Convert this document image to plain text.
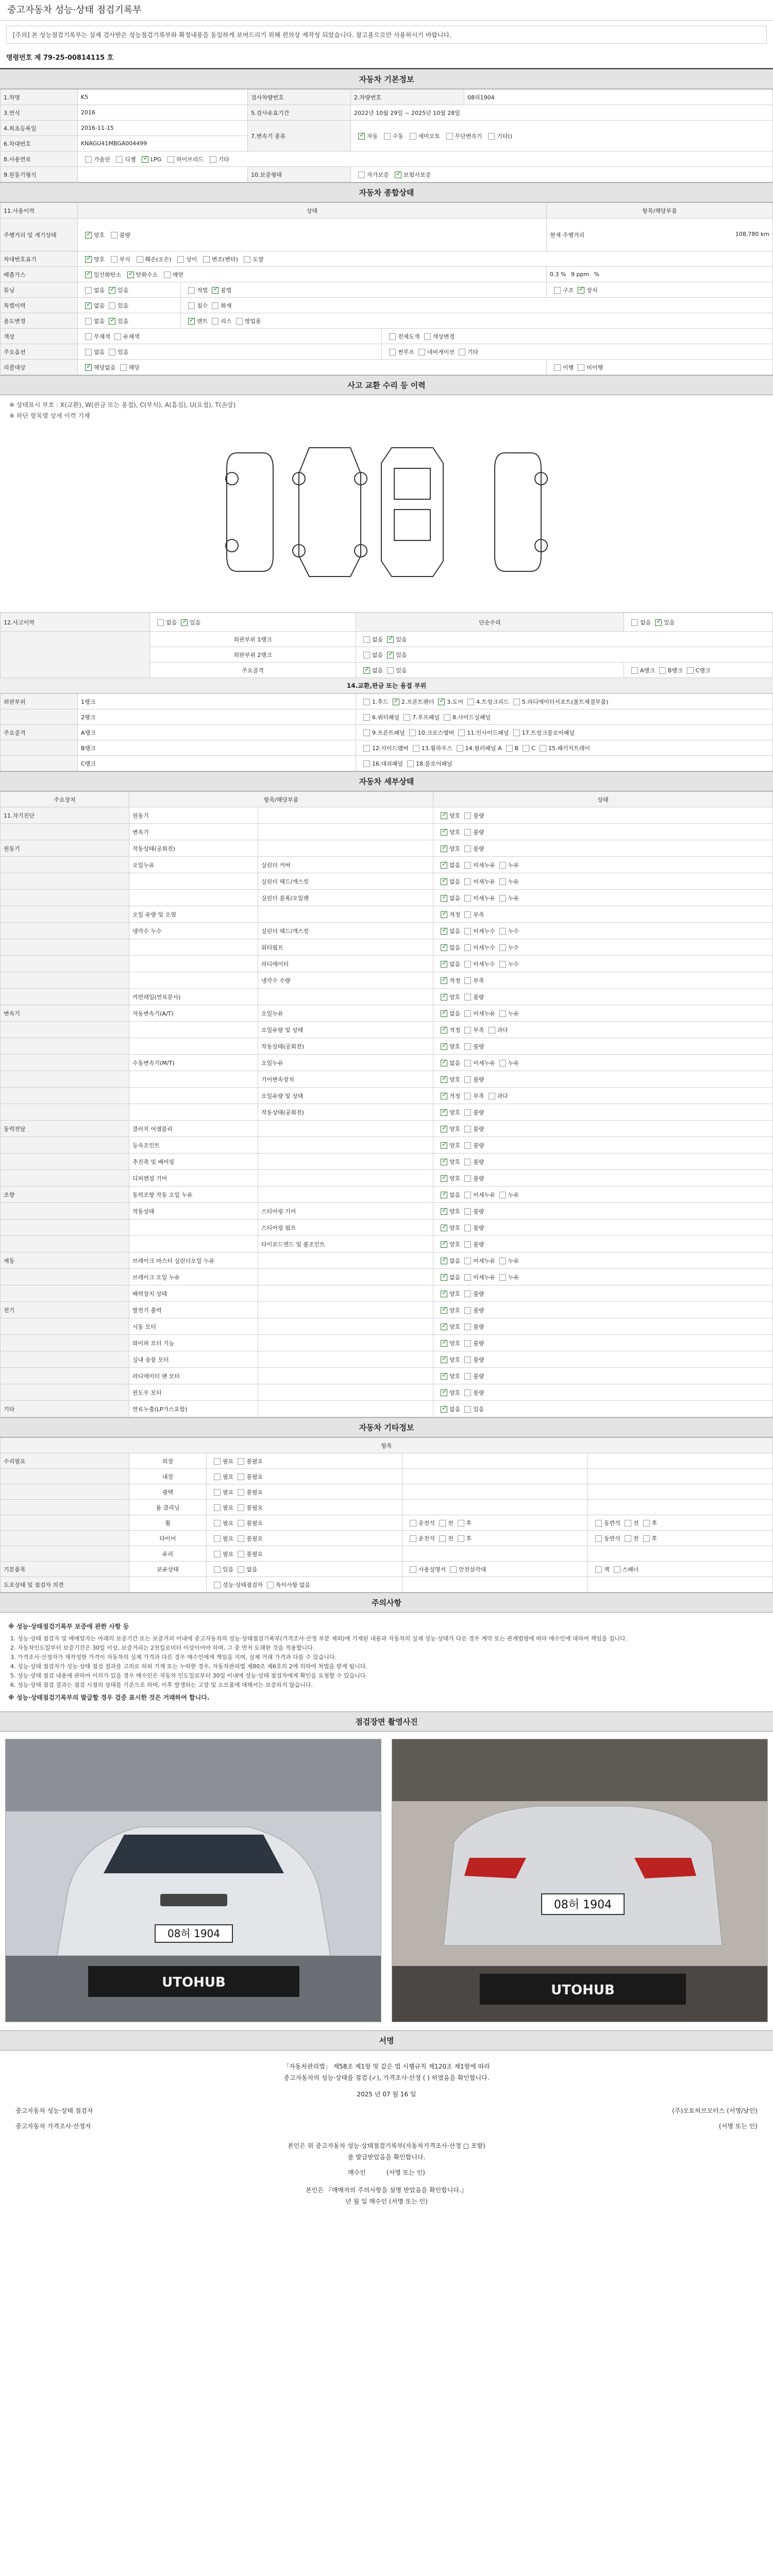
중고자동차 성능·상태 점검기록부
[주의] 본 성능점검기록부는 실제 검사받은 성능점검기록부와 확정내용을 동일하게 보여드리기 위해 편의상 재작성 되었습니다. 참고용으로만 사용하시기 바랍니다.
명령번호 제 79-25-00814115 호
자동차 기본정보
1.차명	K5	검사차량번호	2.차량번호	08허1904
3.연식	2016	5.검사유효기간	2022년 10월 29일 ~ 2025년 10월 28일	
4.최초등록일	2016-11-15	7.변속기 종류	✓자동 수동 세미오토 무단변속기 기타()
6.차대번호	KNAGU41MBGA004499			
8.사용연료	가솔린 디젤 ✓ LPG 하이브리드 기타
9.원동기형식		10.보증형태	자가보증 ✓ 보험사보증
자동차 종합상태
11.사용이력	상태			항목/해당부품
주행거리 및 계기상태	✓양호 불량			현재 주행거리 108,780 km

차대번호표기	✓양호 부식 훼손(오손) 상이 변조(변타) 도말
배출가스	✓일산화탄소 ✓ 탄화수소 매연			0.3 % 9 ppm %
튜닝	없음 ✓ 있음	적법 ✓ 불법		구조 ✓ 장치
특별이력	✓없음 있음	침수 화재		
용도변경	없음 ✓ 있음	✓렌트 리스 영업용
색상	무채색 유채색		전체도색 색상변경	
주요옵션	없음 있음		썬루프 네비게이션 기타	
리콜대상	✓해당없음 해당			이행 미이행
사고 교환 수리 등 이력
※ 상태표시 부호 : X(교환), W(판금 또는 용접), C(부식), A(흠집), U(요철), T(손상)
※ 하단 항목별 상세 이력 기재
12.사고이력	없음 ✓ 있음	단순수리	없음 ✓ 있음
	외판부위 1랭크	없음 ✓ 있음
	외판부위 2랭크	없음 ✓ 있음
	주요골격	✓없음 있음	A랭크 B랭크 C랭크
14.교환,판금 또는 용접 부위
외판부위	1랭크	1.후드 ✓ 2.프론트펜더 ✓ 3.도어 4.트렁크리드 5.라디에이터서포트(볼트체결부품)
	2랭크	6.쿼터패널 7.루프패널 8.사이드실패널
주요골격	A랭크	9.프론트패널 10.크로스멤버 11.인사이드패널 17.트렁크플로어패널
	B랭크	12.사이드멤버 13.휠하우스 14.필러패널 A B C 15.패키지트레이
	C랭크	16.대쉬패널 18.플로어패널
자동차 세부상태
주요장치	항목/해당부품		상태
11.자기진단	원동기		✓양호 불량
	변속기		✓양호 불량
원동기	작동상태(공회전)		✓양호 불량
	오일누유	실린더 커버	✓없음 미세누유 누유
		실린더 헤드/개스킷	✓없음 미세누유 누유
		실린더 블록/오일팬	✓없음 미세누유 누유
	오일 유량 및 오염		✓적정 부족
	냉각수 누수	실린더 헤드/개스킷	✓없음 미세누수 누수
		워터펌프	✓없음 미세누수 누수
		라디에이터	✓없음 미세누수 누수
		냉각수 수량	✓적정 부족
	커먼레일(연료분사)		✓양호 불량
변속기	자동변속기(A/T)	오일누유	✓없음 미세누유 누유
		오일유량 및 상태	✓적정 부족 과다
		작동상태(공회전)	✓양호 불량
	수동변속기(M/T)	오일누유	✓없음 미세누유 누유
		기어변속장치	✓양호 불량
		오일유량 및 상태	✓적정 부족 과다
		작동상태(공회전)	✓양호 불량
동력전달	클러치 어셈블리		✓양호 불량
	등속조인트		✓양호 불량
	추진축 및 베어링		✓양호 불량
	디퍼렌셜 기어		✓양호 불량
조향	동력조향 작동 오일 누유		✓없음 미세누유 누유
	작동상태	스티어링 기어	✓양호 불량
		스티어링 펌프	✓양호 불량
		타이로드엔드 및 볼조인트	✓양호 불량
제동	브레이크 마스터 실린더오일 누유		✓없음 미세누유 누유
	브레이크 오일 누유		✓없음 미세누유 누유
	배력장치 상태		✓양호 불량
전기	발전기 출력		✓양호 불량
	시동 모터		✓양호 불량
	와이퍼 모터 기능		✓양호 불량
	실내 송풍 모터		✓양호 불량
	라디에이터 팬 모터		✓양호 불량
	윈도우 모터		✓양호 불량
기타	연료누출(LP가스포함)		✓없음 있음
자동차 기타정보
항목				
수리필요	외장	필요 불필요		
	내장	필요 불필요		
	광택	필요 불필요		
	룸 클리닝	필요 불필요		
	휠	필요 불필요	운전석 전 후	동반석 전 후
	타이어	필요 불필요	운전석 전 후	동반석 전 후
	유리	필요 불필요		
기본품목	보유상태	있음 없음	사용설명서 안전삼각대	잭 스패너
도포상태 및 점검자 의견		성능·상태점검자 특이사항 없음		
주의사항
※ 성능·상태점검기록부 보증에 관한 사항 등
1. 성능·상태 점검자 및 매매업자는 아래의 보증기간 또는 보증거리 이내에 중고자동차의 성능·상태점검기록부(가격조사·산정 부분 제외)에 기재된 내용과 자동차의 실제 성능·상태가 다른 경우 계약 또는 관계법령에 따라 매수인에 대하여 책임을 집니다.
2. 자동차인도일부터 보증기간은 30일 이상, 보증거리는 2천킬로미터 이상이어야 하며, 그 중 먼저 도래한 것을 적용합니다.
3. 가격조사·산정자가 재작성한 가격이 자동차의 실제 가격과 다른 경우 매수인에게 책임을 지며, 실제 거래 가격과 다를 수 있습니다.
4. 성능·상태 점검자가 성능·상태 점검 결과를 고의로 허위 기재 또는 누락한 경우, 자동차관리법 제80조 제6호의 2에 의하여 처벌을 받게 됩니다.
5. 성능·상태 점검 내용에 관하여 이의가 있을 경우 매수인은 자동차 인도일로부터 30일 이내에 성능·상태 점검자에게 확인을 요청할 수 있습니다.
6. 성능·상태 점검 결과는 점검 시점의 상태를 기준으로 하며, 이후 발생하는 고장 및 소모품에 대해서는 보증하지 않습니다.
※ 성능·상태점검기록부의 발급할 경우 검증 표시한 것은 거래하여 합니다.
점검장면 촬영사진
08허 1904
UTOHUB
08허 1904
UTOHUB
서명
「자동차관리법」 제58조 제1항 및 같은 법 시행규칙 제120조 제1항에 따라
중고자동차의 성능·상태를 점검 (✓), 가격조사·산정 ( ) 하였음을 확인합니다.
2025 년 07 월 16 일
중고자동차 성능·상태 점검자	(주)오토허브모터스 (서명/날인)
중고자동차 가격조사·산정자	(서명 또는 인)
본인은 위 중고자동차 성능·상태점검기록부(자동차가격조사·산정 □ 포함)
를 발급받았음을 확인합니다.
매수인	(서명 또는 인)
본인은 『매매자의 주의사항을 설명 받았음을 확인합니다.』
년 월 일 매수인 (서명 또는 인)
